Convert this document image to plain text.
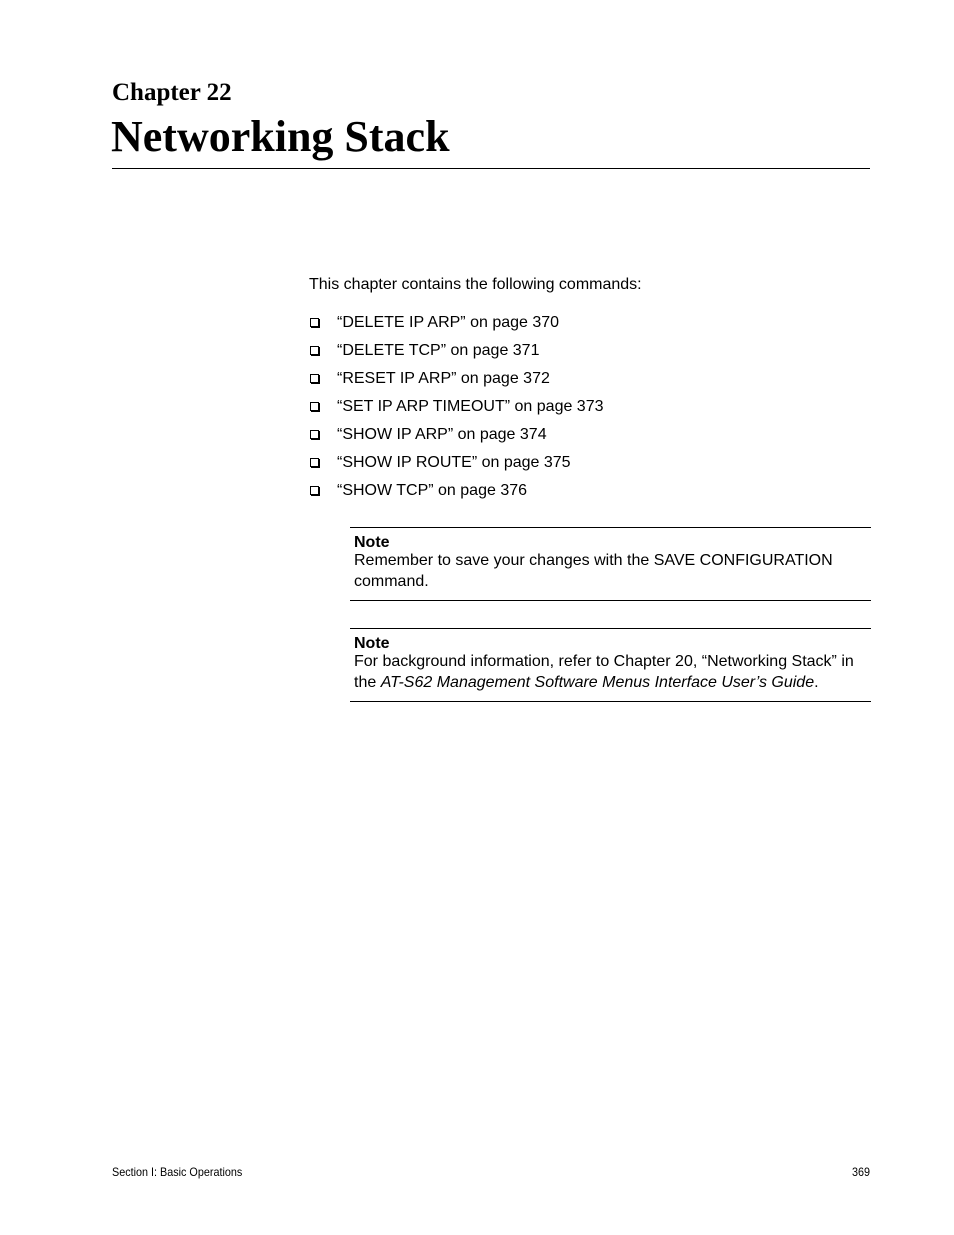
Chapter 22
Networking Stack

This chapter contains the following commands:

“DELETE IP ARP” on page 370
“DELETE TCP” on page 371
“RESET IP ARP” on page 372
“SET IP ARP TIMEOUT” on page 373
“SHOW IP ARP” on page 374
“SHOW IP ROUTE” on page 375
“SHOW TCP” on page 376

Note

Remember to save your changes with the SAVE CONFIGURATION command.

Note

For background information, refer to Chapter 20, “Networking Stack” in the AT-S62 Management Software Menus Interface User’s Guide.

Section I: Basic Operations	369
